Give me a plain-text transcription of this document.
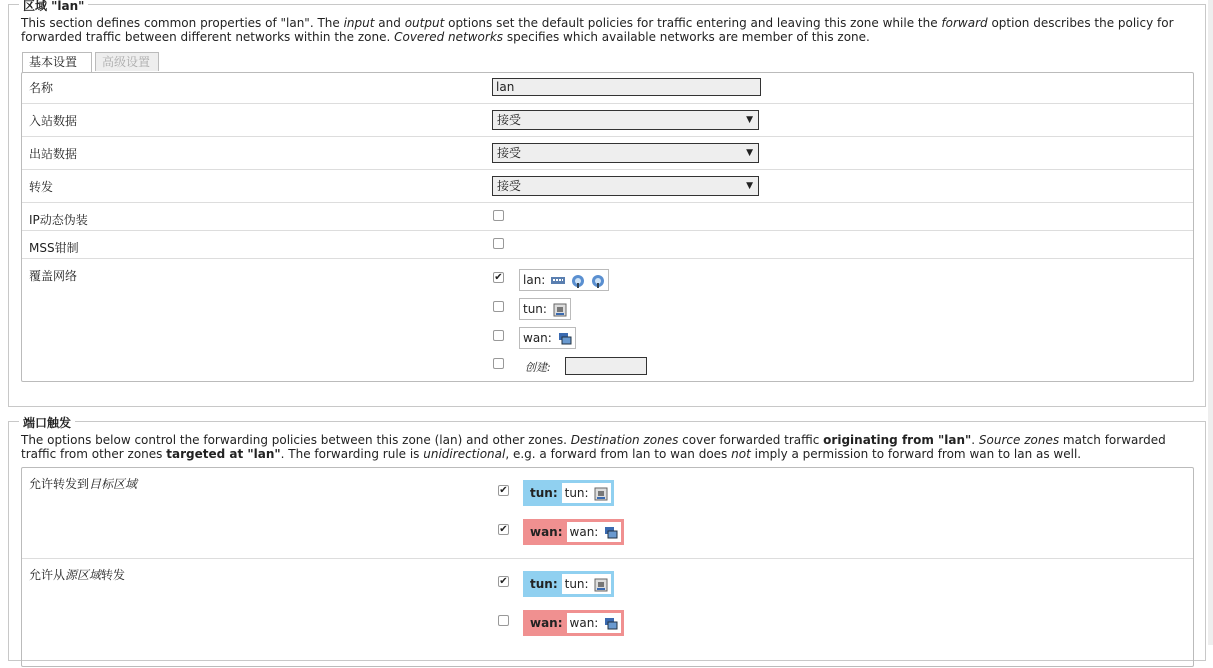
区域 "lan"
This section defines common properties of "lan". The input and output options set the default policies for traffic entering and leaving this zone while the forward option describes the policy for forwarded traffic between different networks within the zone. Covered networks specifies which available networks are member of this zone.
基本设置	高级设置
名称	lan
入站数据	接受	▼
出站数据	接受	▼
转发	接受	▼
IP动态伪装
MSS钳制
覆盖网络	✔	lan:
tun:
wan:
创建:
端口触发
The options below control the forwarding policies between this zone (lan) and other zones. Destination zones cover forwarded traffic originating from "lan". Source zones match forwarded traffic from other zones targeted at "lan". The forwarding rule is unidirectional, e.g. a forward from lan to wan does not imply a permission to forward from wan to lan as well.
允许转发到目标区域	✔	tun: tun:
✔	wan: wan:
允许从源区域转发	✔	tun: tun:
wan: wan:
